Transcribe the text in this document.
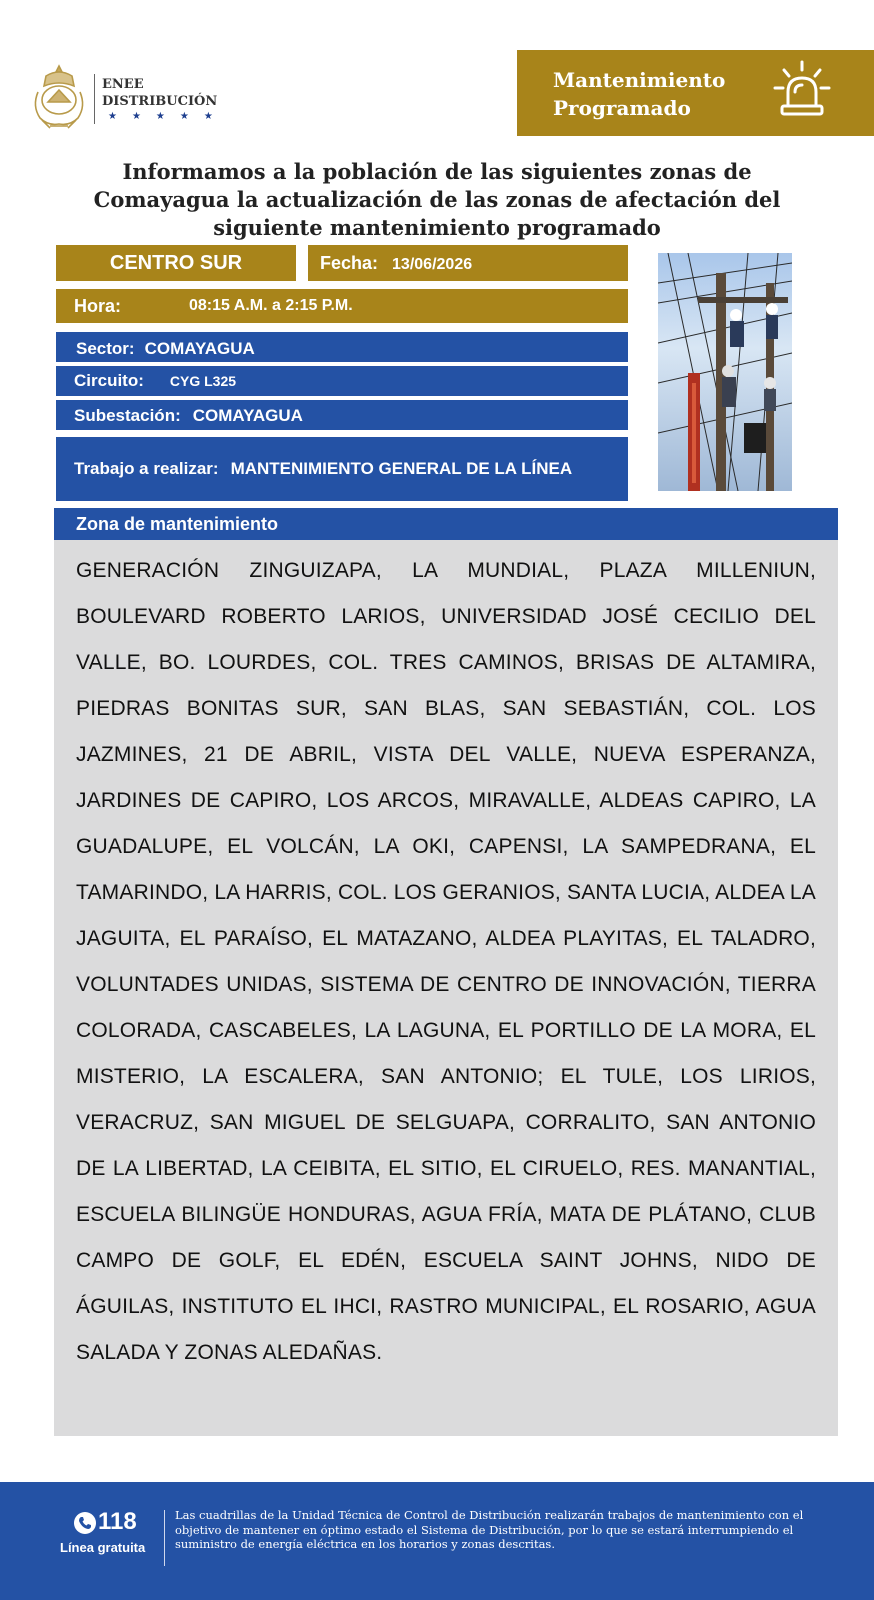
ENEE
DISTRIBUCIÓN
★★★★★
Mantenimiento Programado
Informamos a la población de las siguientes zonas de Comayagua la actualización de las zonas de afectación del siguiente mantenimiento programado
CENTRO SUR	Fecha: 13/06/2026
Hora:	08:15 A.M. a 2:15 P.M.
Sector: COMAYAGUA
Circuito: CYG L325
Subestación: COMAYAGUA
Trabajo a realizar: MANTENIMIENTO GENERAL DE LA LÍNEA
Zona de mantenimiento
GENERACIÓN ZINGUIZAPA, LA MUNDIAL, PLAZA MILLENIUN, BOULEVARD ROBERTO LARIOS, UNIVERSIDAD JOSÉ CECILIO DEL VALLE, BO. LOURDES, COL. TRES CAMINOS, BRISAS DE ALTAMIRA, PIEDRAS BONITAS SUR, SAN BLAS, SAN SEBASTIÁN, COL. LOS JAZMINES, 21 DE ABRIL, VISTA DEL VALLE, NUEVA ESPERANZA, JARDINES DE CAPIRO, LOS ARCOS, MIRAVALLE, ALDEAS CAPIRO, LA GUADALUPE, EL VOLCÁN, LA OKI, CAPENSI, LA SAMPEDRANA, EL TAMARINDO, LA HARRIS, COL. LOS GERANIOS, SANTA LUCIA, ALDEA LA JAGUITA, EL PARAÍSO, EL MATAZANO, ALDEA PLAYITAS, EL TALADRO, VOLUNTADES UNIDAS, SISTEMA DE CENTRO DE INNOVACIÓN, TIERRA COLORADA, CASCABELES, LA LAGUNA, EL PORTILLO DE LA MORA, EL MISTERIO, LA ESCALERA, SAN ANTONIO; EL TULE, LOS LIRIOS, VERACRUZ, SAN MIGUEL DE SELGUAPA, CORRALITO, SAN ANTONIO DE LA LIBERTAD, LA CEIBITA, EL SITIO, EL CIRUELO, RES. MANANTIAL, ESCUELA BILINGÜE HONDURAS, AGUA FRÍA, MATA DE PLÁTANO, CLUB CAMPO DE GOLF, EL EDÉN, ESCUELA SAINT JOHNS, NIDO DE ÁGUILAS, INSTITUTO EL IHCI, RASTRO MUNICIPAL, EL ROSARIO, AGUA SALADA Y ZONAS ALEDAÑAS.
118
Línea gratuita
Las cuadrillas de la Unidad Técnica de Control de Distribución realizarán trabajos de mantenimiento con el objetivo de mantener en óptimo estado el Sistema de Distribución, por lo que se estará interrumpiendo el suministro de energía eléctrica en los horarios y zonas descritas.
